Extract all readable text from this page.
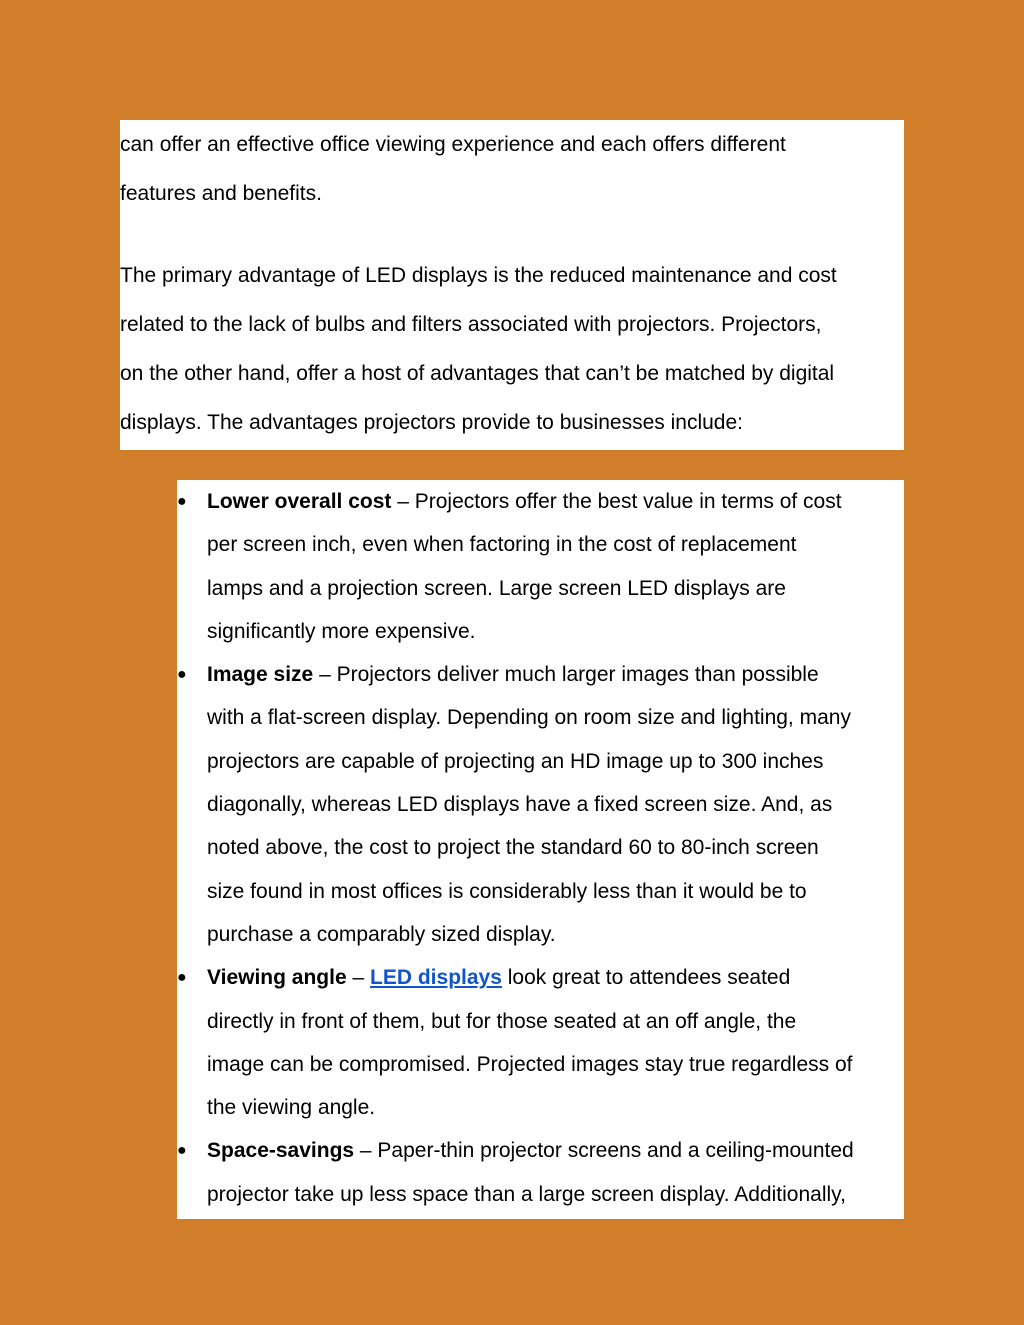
can offer an effective office viewing experience and each offers different
features and benefits.

The primary advantage of LED displays is the reduced maintenance and cost
related to the lack of bulbs and filters associated with projectors. Projectors,
on the other hand, offer a host of advantages that can’t be matched by digital
displays. The advantages projectors provide to businesses include:

● Lower overall cost – Projectors offer the best value in terms of cost
per screen inch, even when factoring in the cost of replacement
lamps and a projection screen. Large screen LED displays are
significantly more expensive.
● Image size – Projectors deliver much larger images than possible
with a flat-screen display. Depending on room size and lighting, many
projectors are capable of projecting an HD image up to 300 inches
diagonally, whereas LED displays have a fixed screen size. And, as
noted above, the cost to project the standard 60 to 80-inch screen
size found in most offices is considerably less than it would be to
purchase a comparably sized display.
● Viewing angle – LED displays look great to attendees seated
directly in front of them, but for those seated at an off angle, the
image can be compromised. Projected images stay true regardless of
the viewing angle.
● Space-savings – Paper-thin projector screens and a ceiling-mounted
projector take up less space than a large screen display. Additionally,
